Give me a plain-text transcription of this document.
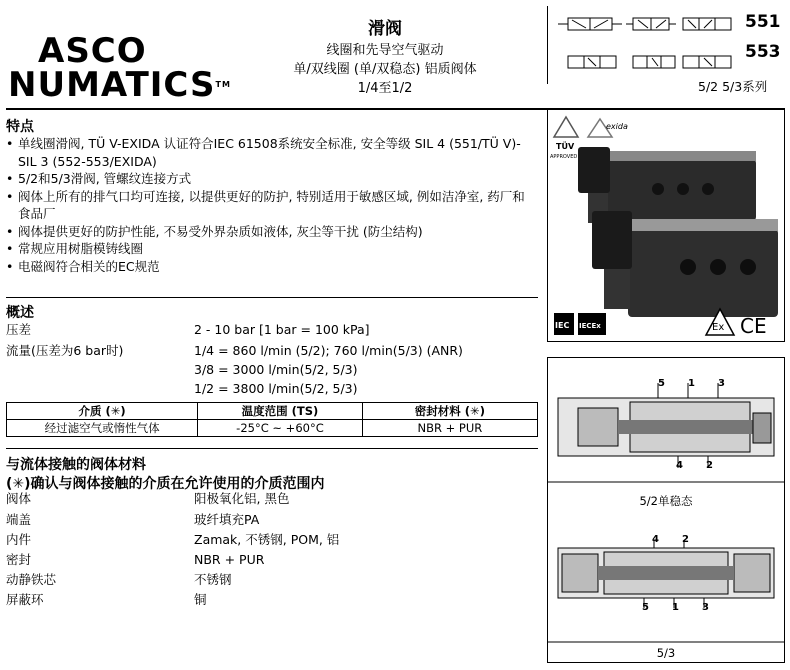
ASCO
NUMATICSTM
滑阀
线圈和先导空气驱动
单/双线圈 (单/双稳态) 铝质阀体
1/4至1/2
551
553
5/2 5/3系列
特点
• 单线圈滑阀, TÜ V-EXIDA 认证符合IEC 61508系统安全标准, 安全等级 SIL 4 (551/TÜ V)-SIL 3 (552-553/EXIDA)
• 5/2和5/3滑阀, 管螺纹连接方式
• 阀体上所有的排气口均可连接, 以提供更好的防护, 特别适用于敏感区域, 例如洁净室, 药厂和食品厂
• 阀体提供更好的防护性能, 不易受外界杂质如液体, 灰尘等干扰 (防尘结构)
• 常规应用树脂模铸线圈
• 电磁阀符合相关的EC规范
概述
压差	2 - 10 bar [1 bar = 100 kPa]
流量(压差为6 bar时)	1/4 = 860 l/min (5/2); 760 l/min(5/3) (ANR)
3/8 = 3000 l/min(5/2, 5/3)
1/2 = 3800 l/min(5/2, 5/3)
介质 (✳)	温度范围 (TS)	密封材料 (✳)
经过滤空气或惰性气体	-25°C ~ +60°C	NBR + PUR
与流体接触的阀体材料
(✳)确认与阀体接触的介质在允许使用的介质范围内
阀体	阳极氧化铝, 黑色
端盖	玻纤填充PA
内件	Zamak, 不锈钢, POM, 铝
密封	NBR + PUR
动静铁芯	不锈钢
屏蔽环	铜
TÜV
APPROVED
exida
IEC IECEx	Ex CE
5 1 3
4 2
4 2
5 1 3
5/2单稳态
5/3
